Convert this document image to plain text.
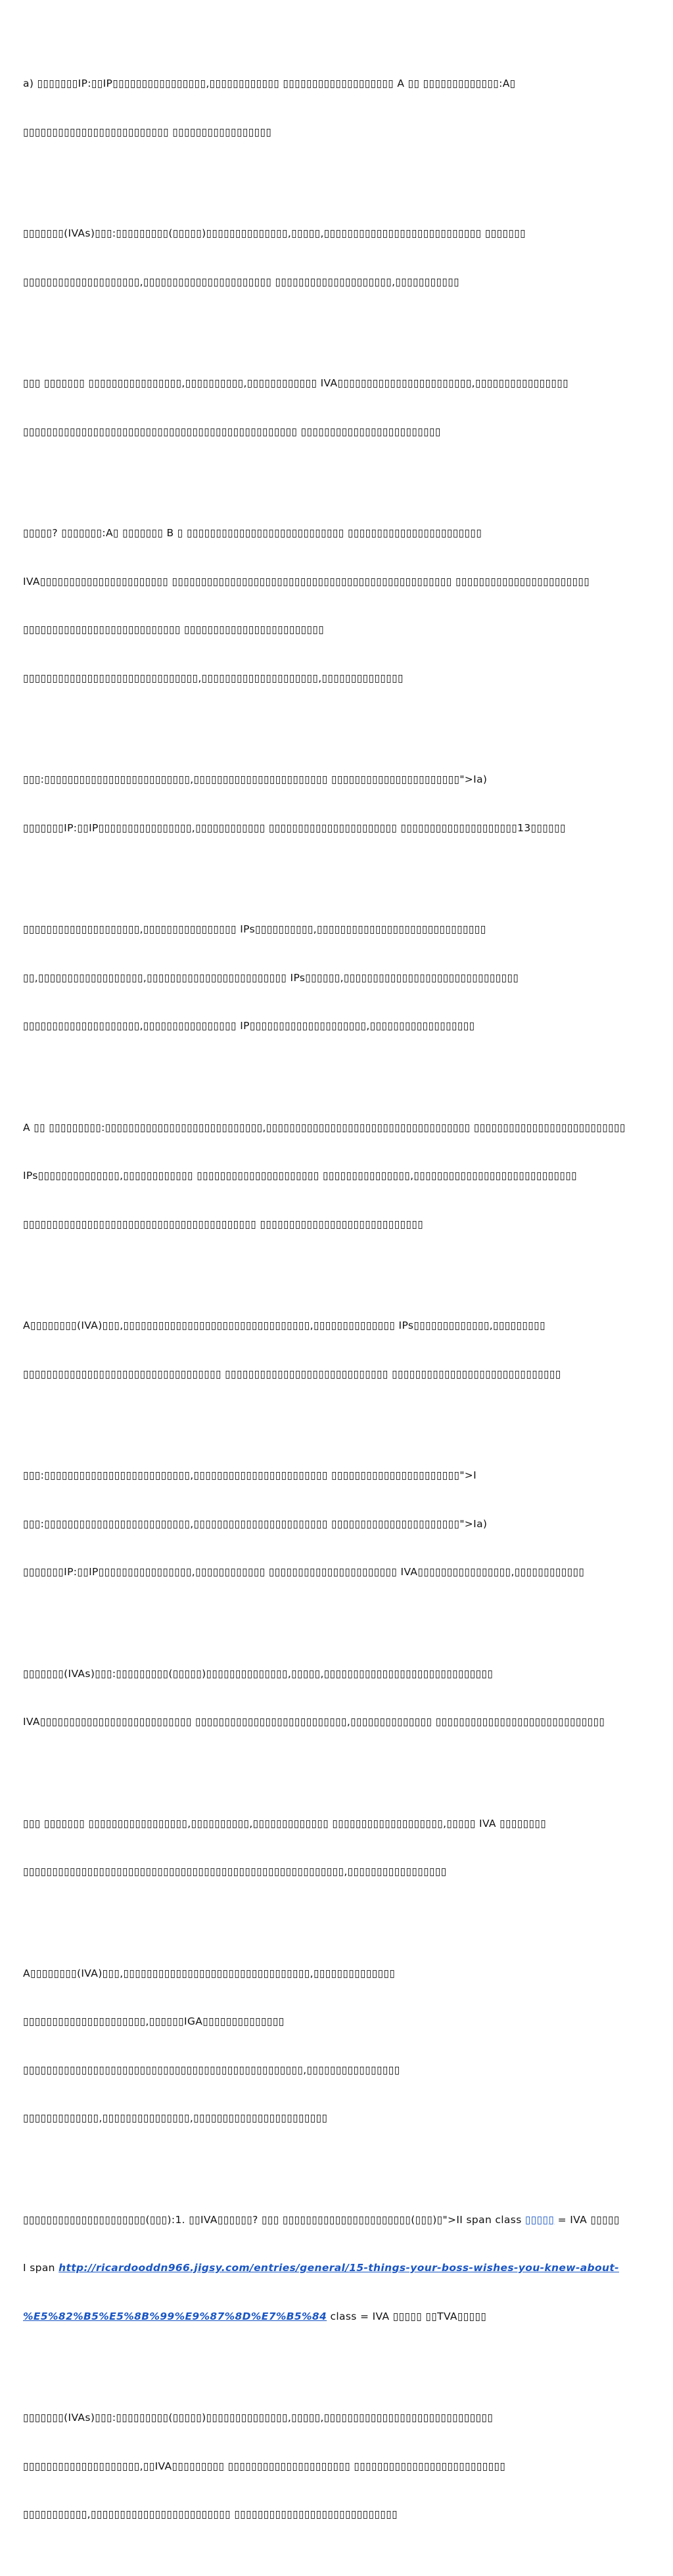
a) ▯▯▯▯▯▯▯IP:▯▯IP▯▯▯▯▯▯▯▯▯▯▯▯▯▯▯▯,▯▯▯▯▯▯▯▯▯▯▯▯ ▯▯▯▯▯▯▯▯▯▯▯▯▯▯▯▯▯▯▯ A ▯▯ ▯▯▯▯▯▯▯▯▯▯▯▯▯:A▯

▯▯▯▯▯▯▯▯▯▯▯▯▯▯▯▯▯▯▯▯▯▯▯▯▯ ▯▯▯▯▯▯▯▯▯▯▯▯▯▯▯▯▯

▯▯▯▯▯▯▯(IVAs)▯▯▯:▯▯▯▯▯▯▯▯▯(▯▯▯▯▯)▯▯▯▯▯▯▯▯▯▯▯▯▯▯,▯▯▯▯▯,▯▯▯▯▯▯▯▯▯▯▯▯▯▯▯▯▯▯▯▯▯▯▯▯▯▯▯ ▯▯▯▯▯▯▯

▯▯▯▯▯▯▯▯▯▯▯▯▯▯▯▯▯▯▯▯,▯▯▯▯▯▯▯▯▯▯▯▯▯▯▯▯▯▯▯▯▯▯ ▯▯▯▯▯▯▯▯▯▯▯▯▯▯▯▯▯▯▯▯,▯▯▯▯▯▯▯▯▯▯▯

▯▯▯ ▯▯▯▯▯▯▯ ▯▯▯▯▯▯▯▯▯▯▯▯▯▯▯▯,▯▯▯▯▯▯▯▯▯▯,▯▯▯▯▯▯▯▯▯▯▯▯ IVA▯▯▯▯▯▯▯▯▯▯▯▯▯▯▯▯▯▯▯▯▯▯▯,▯▯▯▯▯▯▯▯▯▯▯▯▯▯▯▯

▯▯▯▯▯▯▯▯▯▯▯▯▯▯▯▯▯▯▯▯▯▯▯▯▯▯▯▯▯▯▯▯▯▯▯▯▯▯▯▯▯▯▯▯▯▯▯ ▯▯▯▯▯▯▯▯▯▯▯▯▯▯▯▯▯▯▯▯▯▯▯▯

▯▯▯▯▯? ▯▯▯▯▯▯▯:A▯ ▯▯▯▯▯▯▯ B ▯ ▯▯▯▯▯▯▯▯▯▯▯▯▯▯▯▯▯▯▯▯▯▯▯▯▯▯▯ ▯▯▯▯▯▯▯▯▯▯▯▯▯▯▯▯▯▯▯▯▯▯▯

IVA▯▯▯▯▯▯▯▯▯▯▯▯▯▯▯▯▯▯▯▯▯▯ ▯▯▯▯▯▯▯▯▯▯▯▯▯▯▯▯▯▯▯▯▯▯▯▯▯▯▯▯▯▯▯▯▯▯▯▯▯▯▯▯▯▯▯▯▯▯▯▯ ▯▯▯▯▯▯▯▯▯▯▯▯▯▯▯▯▯▯▯▯▯▯▯

▯▯▯▯▯▯▯▯▯▯▯▯▯▯▯▯▯▯▯▯▯▯▯▯▯▯▯ ▯▯▯▯▯▯▯▯▯▯▯▯▯▯▯▯▯▯▯▯▯▯▯▯

▯▯▯▯▯▯▯▯▯▯▯▯▯▯▯▯▯▯▯▯▯▯▯▯▯▯▯▯▯▯,▯▯▯▯▯▯▯▯▯▯▯▯▯▯▯▯▯▯▯▯,▯▯▯▯▯▯▯▯▯▯▯▯▯▯

▯▯▯:▯▯▯▯▯▯▯▯▯▯▯▯▯▯▯▯▯▯▯▯▯▯▯▯▯,▯▯▯▯▯▯▯▯▯▯▯▯▯▯▯▯▯▯▯▯▯▯▯ ▯▯▯▯▯▯▯▯▯▯▯▯▯▯▯▯▯▯▯▯▯▯">Ia)

▯▯▯▯▯▯▯IP:▯▯IP▯▯▯▯▯▯▯▯▯▯▯▯▯▯▯▯,▯▯▯▯▯▯▯▯▯▯▯▯ ▯▯▯▯▯▯▯▯▯▯▯▯▯▯▯▯▯▯▯▯▯▯ ▯▯▯▯▯▯▯▯▯▯▯▯▯▯▯▯▯▯▯▯13▯▯▯▯▯▯

▯▯▯▯▯▯▯▯▯▯▯▯▯▯▯▯▯▯▯▯,▯▯▯▯▯▯▯▯▯▯▯▯▯▯▯▯ IPs▯▯▯▯▯▯▯▯▯▯,▯▯▯▯▯▯▯▯▯▯▯▯▯▯▯▯▯▯▯▯▯▯▯▯▯▯▯▯▯

▯▯,▯▯▯▯▯▯▯▯▯▯▯▯▯▯▯▯▯▯,▯▯▯▯▯▯▯▯▯▯▯▯▯▯▯▯▯▯▯▯▯▯▯▯ IPs▯▯▯▯▯▯,▯▯▯▯▯▯▯▯▯▯▯▯▯▯▯▯▯▯▯▯▯▯▯▯▯▯▯▯▯▯

▯▯▯▯▯▯▯▯▯▯▯▯▯▯▯▯▯▯▯▯,▯▯▯▯▯▯▯▯▯▯▯▯▯▯▯▯ IP▯▯▯▯▯▯▯▯▯▯▯▯▯▯▯▯▯▯▯▯,▯▯▯▯▯▯▯▯▯▯▯▯▯▯▯▯▯▯

A ▯▯ ▯▯▯▯▯▯▯▯▯:▯▯▯▯▯▯▯▯▯▯▯▯▯▯▯▯▯▯▯▯▯▯▯▯▯▯▯,▯▯▯▯▯▯▯▯▯▯▯▯▯▯▯▯▯▯▯▯▯▯▯▯▯▯▯▯▯▯▯▯▯▯▯ ▯▯▯▯▯▯▯▯▯▯▯▯▯▯▯▯▯▯▯▯▯▯▯▯▯▯

IPs▯▯▯▯▯▯▯▯▯▯▯▯▯▯,▯▯▯▯▯▯▯▯▯▯▯▯ ▯▯▯▯▯▯▯▯▯▯▯▯▯▯▯▯▯▯▯▯▯ ▯▯▯▯▯▯▯▯▯▯▯▯▯▯▯,▯▯▯▯▯▯▯▯▯▯▯▯▯▯▯▯▯▯▯▯▯▯▯▯▯▯▯▯

▯▯▯▯▯▯▯▯▯▯▯▯▯▯▯▯▯▯▯▯▯▯▯▯▯▯▯▯▯▯▯▯▯▯▯▯▯▯▯▯ ▯▯▯▯▯▯▯▯▯▯▯▯▯▯▯▯▯▯▯▯▯▯▯▯▯▯▯▯

A▯▯▯▯▯▯▯▯(IVA)▯▯▯,▯▯▯▯▯▯▯▯▯▯▯▯▯▯▯▯▯▯▯▯▯▯▯▯▯▯▯▯▯▯▯▯,▯▯▯▯▯▯▯▯▯▯▯▯▯▯ IPs▯▯▯▯▯▯▯▯▯▯▯▯▯,▯▯▯▯▯▯▯▯▯

▯▯▯▯▯▯▯▯▯▯▯▯▯▯▯▯▯▯▯▯▯▯▯▯▯▯▯▯▯▯▯▯▯▯ ▯▯▯▯▯▯▯▯▯▯▯▯▯▯▯▯▯▯▯▯▯▯▯▯▯▯▯▯ ▯▯▯▯▯▯▯▯▯▯▯▯▯▯▯▯▯▯▯▯▯▯▯▯▯▯▯▯▯

▯▯▯:▯▯▯▯▯▯▯▯▯▯▯▯▯▯▯▯▯▯▯▯▯▯▯▯▯,▯▯▯▯▯▯▯▯▯▯▯▯▯▯▯▯▯▯▯▯▯▯▯ ▯▯▯▯▯▯▯▯▯▯▯▯▯▯▯▯▯▯▯▯▯▯">I

▯▯▯:▯▯▯▯▯▯▯▯▯▯▯▯▯▯▯▯▯▯▯▯▯▯▯▯▯,▯▯▯▯▯▯▯▯▯▯▯▯▯▯▯▯▯▯▯▯▯▯▯ ▯▯▯▯▯▯▯▯▯▯▯▯▯▯▯▯▯▯▯▯▯▯">Ia)

▯▯▯▯▯▯▯IP:▯▯IP▯▯▯▯▯▯▯▯▯▯▯▯▯▯▯▯,▯▯▯▯▯▯▯▯▯▯▯▯ ▯▯▯▯▯▯▯▯▯▯▯▯▯▯▯▯▯▯▯▯▯▯ IVA▯▯▯▯▯▯▯▯▯▯▯▯▯▯▯▯,▯▯▯▯▯▯▯▯▯▯▯▯

▯▯▯▯▯▯▯(IVAs)▯▯▯:▯▯▯▯▯▯▯▯▯(▯▯▯▯▯)▯▯▯▯▯▯▯▯▯▯▯▯▯▯,▯▯▯▯▯,▯▯▯▯▯▯▯▯▯▯▯▯▯▯▯▯▯▯▯▯▯▯▯▯▯▯▯▯▯

IVA▯▯▯▯▯▯▯▯▯▯▯▯▯▯▯▯▯▯▯▯▯▯▯▯▯▯ ▯▯▯▯▯▯▯▯▯▯▯▯▯▯▯▯▯▯▯▯▯▯▯▯▯▯,▯▯▯▯▯▯▯▯▯▯▯▯▯▯ ▯▯▯▯▯▯▯▯▯▯▯▯▯▯▯▯▯▯▯▯▯▯▯▯▯▯▯▯▯

▯▯▯ ▯▯▯▯▯▯▯ ▯▯▯▯▯▯▯▯▯▯▯▯▯▯▯▯▯,▯▯▯▯▯▯▯▯▯▯,▯▯▯▯▯▯▯▯▯▯▯▯▯ ▯▯▯▯▯▯▯▯▯▯▯▯▯▯▯▯▯▯▯,▯▯▯▯▯ IVA ▯▯▯▯▯▯▯▯

▯▯▯▯▯▯▯▯▯▯▯▯▯▯▯▯▯▯▯▯▯▯▯▯▯▯▯▯▯▯▯▯▯▯▯▯▯▯▯▯▯▯▯▯▯▯▯▯▯▯▯▯▯▯▯,▯▯▯▯▯▯▯▯▯▯▯▯▯▯▯▯▯

A▯▯▯▯▯▯▯▯(IVA)▯▯▯,▯▯▯▯▯▯▯▯▯▯▯▯▯▯▯▯▯▯▯▯▯▯▯▯▯▯▯▯▯▯▯▯,▯▯▯▯▯▯▯▯▯▯▯▯▯▯

▯▯▯▯▯▯▯▯▯▯▯▯▯▯▯▯▯▯▯▯▯,▯▯▯▯▯▯IGA▯▯▯▯▯▯▯▯▯▯▯▯▯▯

▯▯▯▯▯▯▯▯▯▯▯▯▯▯▯▯▯▯▯▯▯▯▯▯▯▯▯▯▯▯▯▯▯▯▯▯▯▯▯▯▯▯▯▯▯▯▯▯,▯▯▯▯▯▯▯▯▯▯▯▯▯▯▯▯

▯▯▯▯▯▯▯▯▯▯▯▯▯,▯▯▯▯▯▯▯▯▯▯▯▯▯▯▯,▯▯▯▯▯▯▯▯▯▯▯▯▯▯▯▯▯▯▯▯▯▯▯

▯▯▯▯▯▯▯▯▯▯▯▯▯▯▯▯▯▯▯▯▯(▯▯▯):1. ▯▯IVA▯▯▯▯▯▯? ▯▯▯ ▯▯▯▯▯▯▯▯▯▯▯▯▯▯▯▯▯▯▯▯▯▯(▯▯▯)▯">II span class ▯▯▯▯▯ = IVA ▯▯▯▯▯

I span http://ricardooddn966.jigsy.com/entries/general/15-things-your-boss-wishes-you-knew-about-

%E5%82%B5%E5%8B%99%E9%87%8D%E7%B5%84 class = IVA ▯▯▯▯▯ ▯▯TVA▯▯▯▯▯

▯▯▯▯▯▯▯(IVAs)▯▯▯:▯▯▯▯▯▯▯▯▯(▯▯▯▯▯)▯▯▯▯▯▯▯▯▯▯▯▯▯▯,▯▯▯▯▯,▯▯▯▯▯▯▯▯▯▯▯▯▯▯▯▯▯▯▯▯▯▯▯▯▯▯▯▯▯

▯▯▯▯▯▯▯▯▯▯▯▯▯▯▯▯▯▯▯▯,▯▯IVA▯▯▯▯▯▯▯▯▯ ▯▯▯▯▯▯▯▯▯▯▯▯▯▯▯▯▯▯▯▯▯ ▯▯▯▯▯▯▯▯▯▯▯▯▯▯▯▯▯▯▯▯▯▯▯▯▯▯

▯▯▯▯▯▯▯▯▯▯▯,▯▯▯▯▯▯▯▯▯▯▯▯▯▯▯▯▯▯▯▯▯▯▯▯ ▯▯▯▯▯▯▯▯▯▯▯▯▯▯▯▯▯▯▯▯▯▯▯▯▯▯▯▯
